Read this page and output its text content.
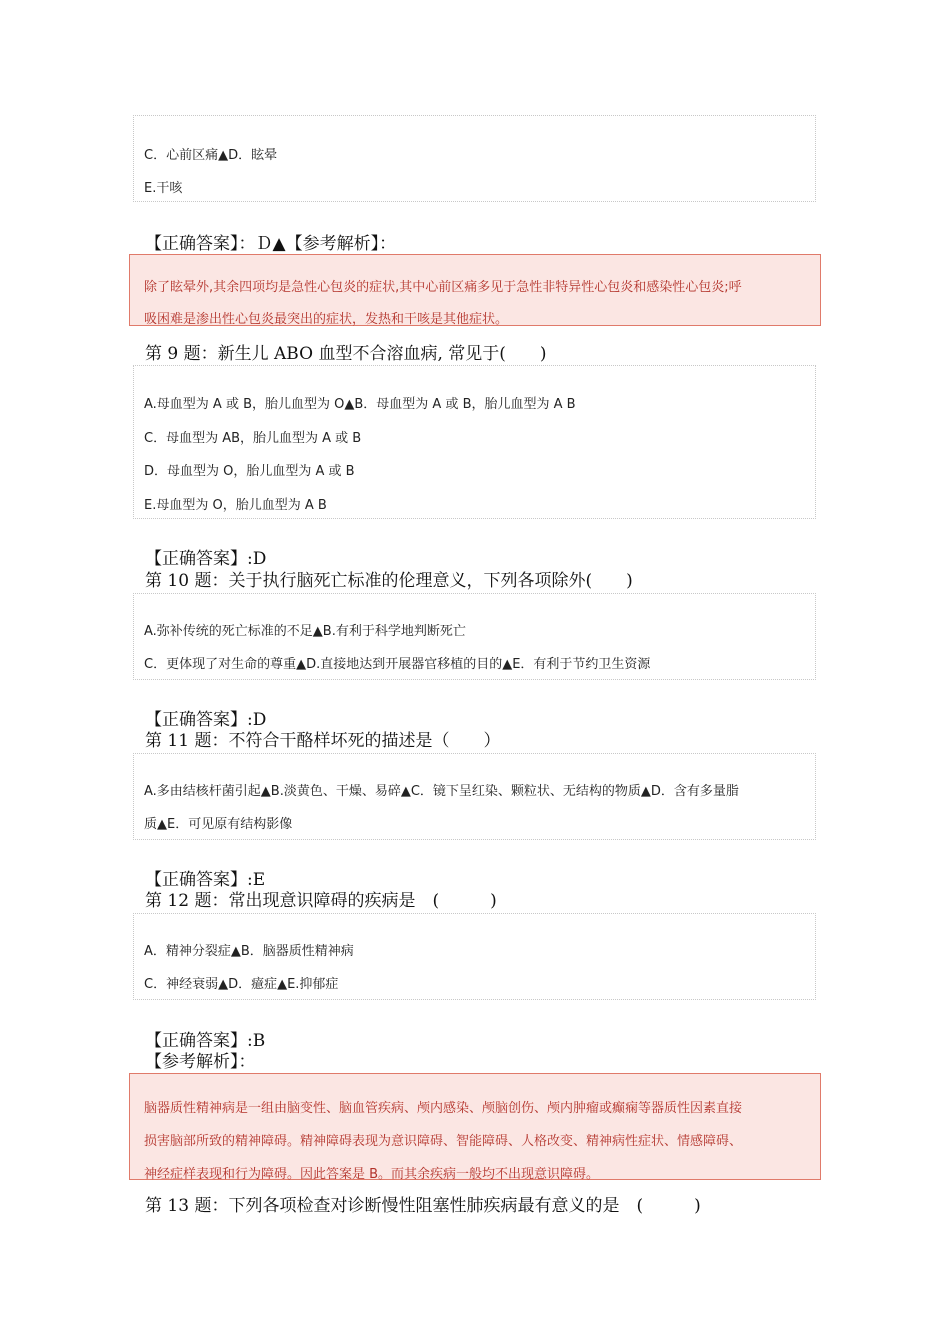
C．心前区痛▲D．眩晕
E.干咳
【正确答案】：Ｄ▲【参考解析】：
除了眩晕外,其余四项均是急性心包炎的症状,其中心前区痛多见于急性非特异性心包炎和感染性心包炎;呼
吸困难是渗出性心包炎最突出的症状，发热和干咳是其他症状。
第 9 题：新生儿 ABO 血型不合溶血病, 常见于(　　)
A.母血型为 A 或 B，胎儿血型为 O▲B．母血型为 A 或 B，胎儿血型为 A B
C．母血型为 AB，胎儿血型为 A 或 B
D．母血型为 O，胎儿血型为 A 或 B
E.母血型为 O，胎儿血型为 A B
【正确答案】:D
第 10 题：关于执行脑死亡标准的伦理意义，下列各项除外(　　)
A.弥补传统的死亡标准的不足▲B.有利于科学地判断死亡
C．更体现了对生命的尊重▲D.直接地达到开展器官移植的目的▲E．有利于节约卫生资源
【正确答案】:D
第 11 题：不符合干酪样坏死的描述是（　　）
A.多由结核杆菌引起▲B.淡黄色、干燥、易碎▲C．镜下呈红染、颗粒状、无结构的物质▲D．含有多量脂
质▲E．可见原有结构影像
【正确答案】:E
第 12 题：常出现意识障碍的疾病是　(　　　)
A．精神分裂症▲B．脑器质性精神病
C．神经衰弱▲D．癔症▲E.抑郁症
【正确答案】:B
【参考解析】：
脑器质性精神病是一组由脑变性、脑血管疾病、颅内感染、颅脑创伤、颅内肿瘤或癫痫等器质性因素直接
损害脑部所致的精神障碍。精神障碍表现为意识障碍、智能障碍、人格改变、精神病性症状、情感障碍、
神经症样表现和行为障碍。因此答案是 B。而其余疾病一般均不出现意识障碍。
第 13 题：下列各项检查对诊断慢性阻塞性肺疾病最有意义的是　(　　　)
